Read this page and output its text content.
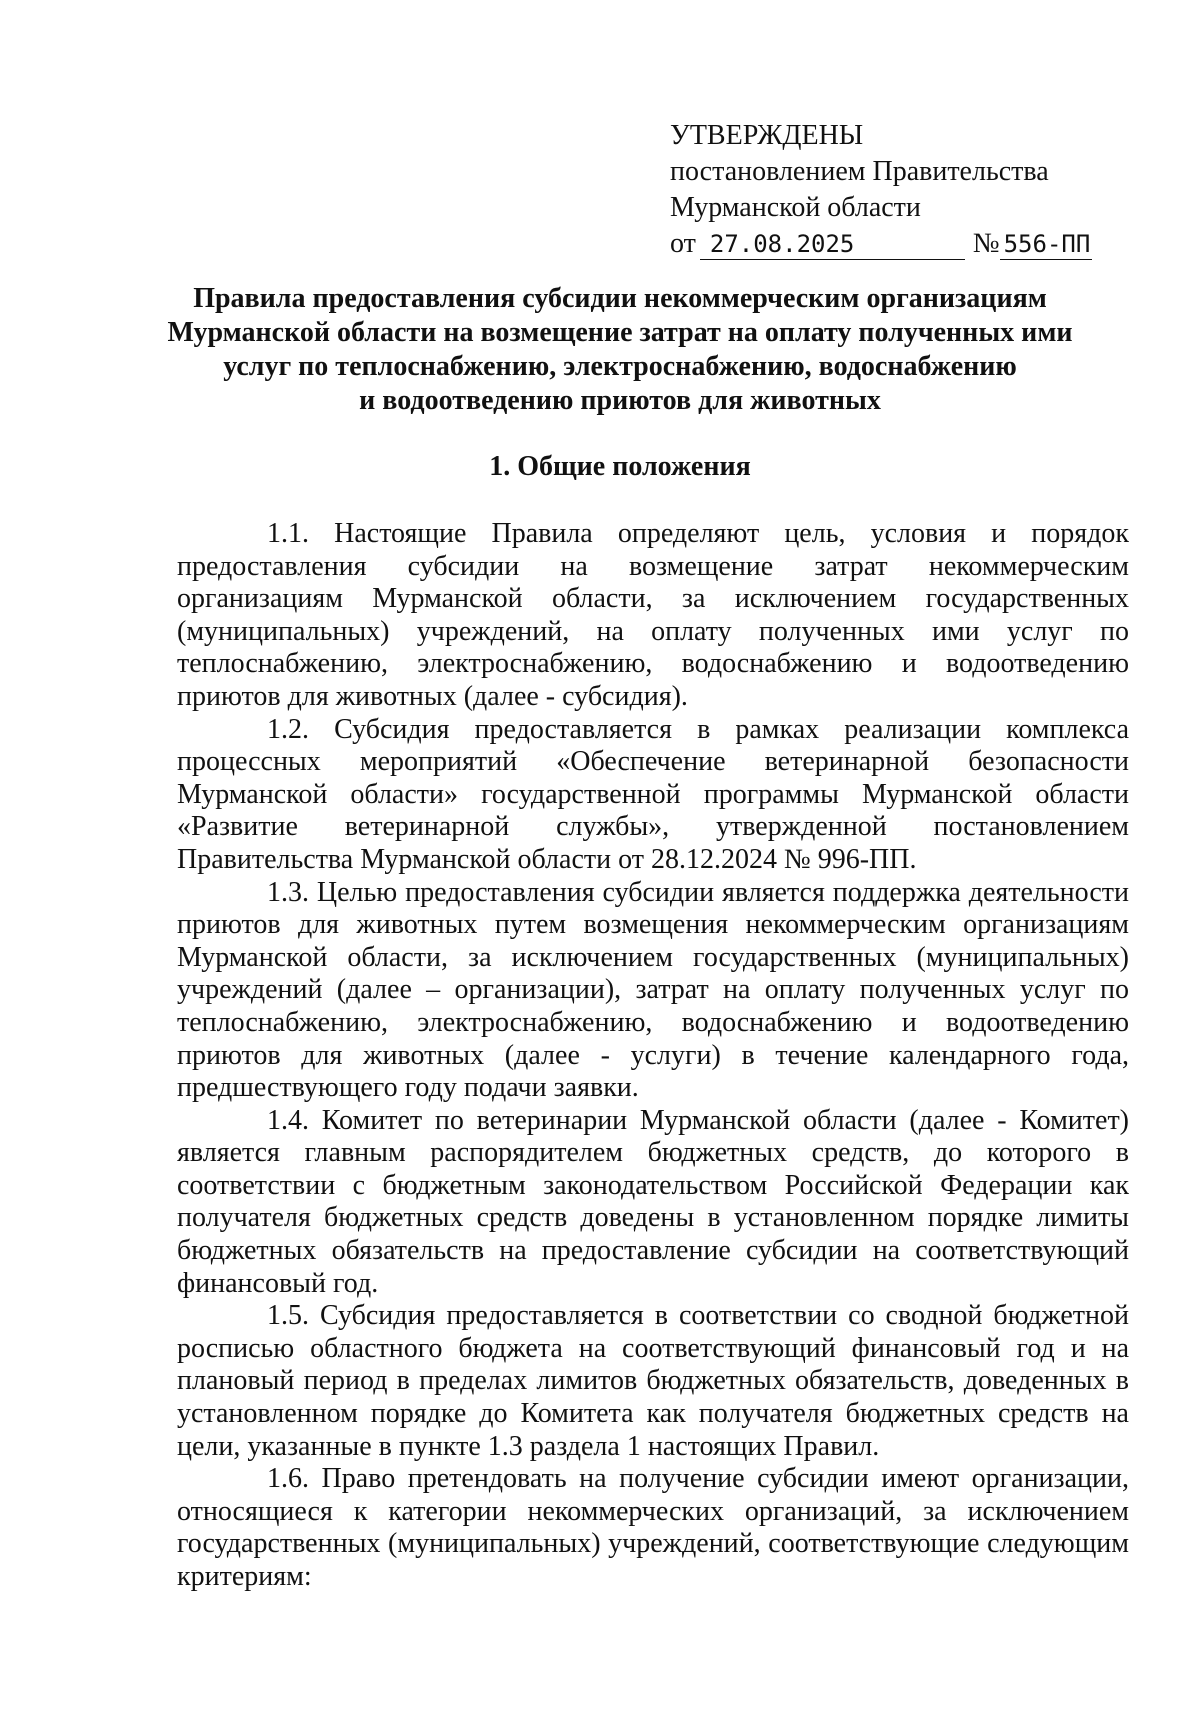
УТВЕРЖДЕНЫ
постановлением Правительства
Мурманской области
от 27.08.2025	№ 556-ПП
Правила предоставления субсидии некоммерческим организациям
Мурманской области на возмещение затрат на оплату полученных ими
услуг по теплоснабжению, электроснабжению, водоснабжению
и водоотведению приютов для животных
1. Общие положения

1.1. Настоящие Правила определяют цель, условия и порядок предоставления субсидии на возмещение затрат некоммерческим организациям Мурманской области, за исключением государственных (муниципальных) учреждений, на оплату полученных ими услуг по теплоснабжению, электроснабжению, водоснабжению и водоотведению приютов для животных (далее - субсидия).

1.2. Субсидия предоставляется в рамках реализации комплекса процессных мероприятий «Обеспечение ветеринарной безопасности Мурманской области» государственной программы Мурманской области «Развитие ветеринарной службы», утвержденной постановлением Правительства Мурманской области от 28.12.2024 № 996-ПП.

1.3. Целью предоставления субсидии является поддержка деятельности приютов для животных путем возмещения некоммерческим организациям Мурманской области, за исключением государственных (муниципальных) учреждений (далее – организации), затрат на оплату полученных услуг по теплоснабжению, электроснабжению, водоснабжению и водоотведению приютов для животных (далее - услуги) в течение календарного года, предшествующего году подачи заявки.

1.4. Комитет по ветеринарии Мурманской области (далее - Комитет) является главным распорядителем бюджетных средств, до которого в соответствии с бюджетным законодательством Российской Федерации как получателя бюджетных средств доведены в установленном порядке лимиты бюджетных обязательств на предоставление субсидии на соответствующий финансовый год.

1.5. Субсидия предоставляется в соответствии со сводной бюджетной росписью областного бюджета на соответствующий финансовый год и на плановый период в пределах лимитов бюджетных обязательств, доведенных в установленном порядке до Комитета как получателя бюджетных средств на цели, указанные в пункте 1.3 раздела 1 настоящих Правил.

1.6. Право претендовать на получение субсидии имеют организации, относящиеся к категории некоммерческих организаций, за исключением государственных (муниципальных) учреждений, соответствующие следующим критериям:
